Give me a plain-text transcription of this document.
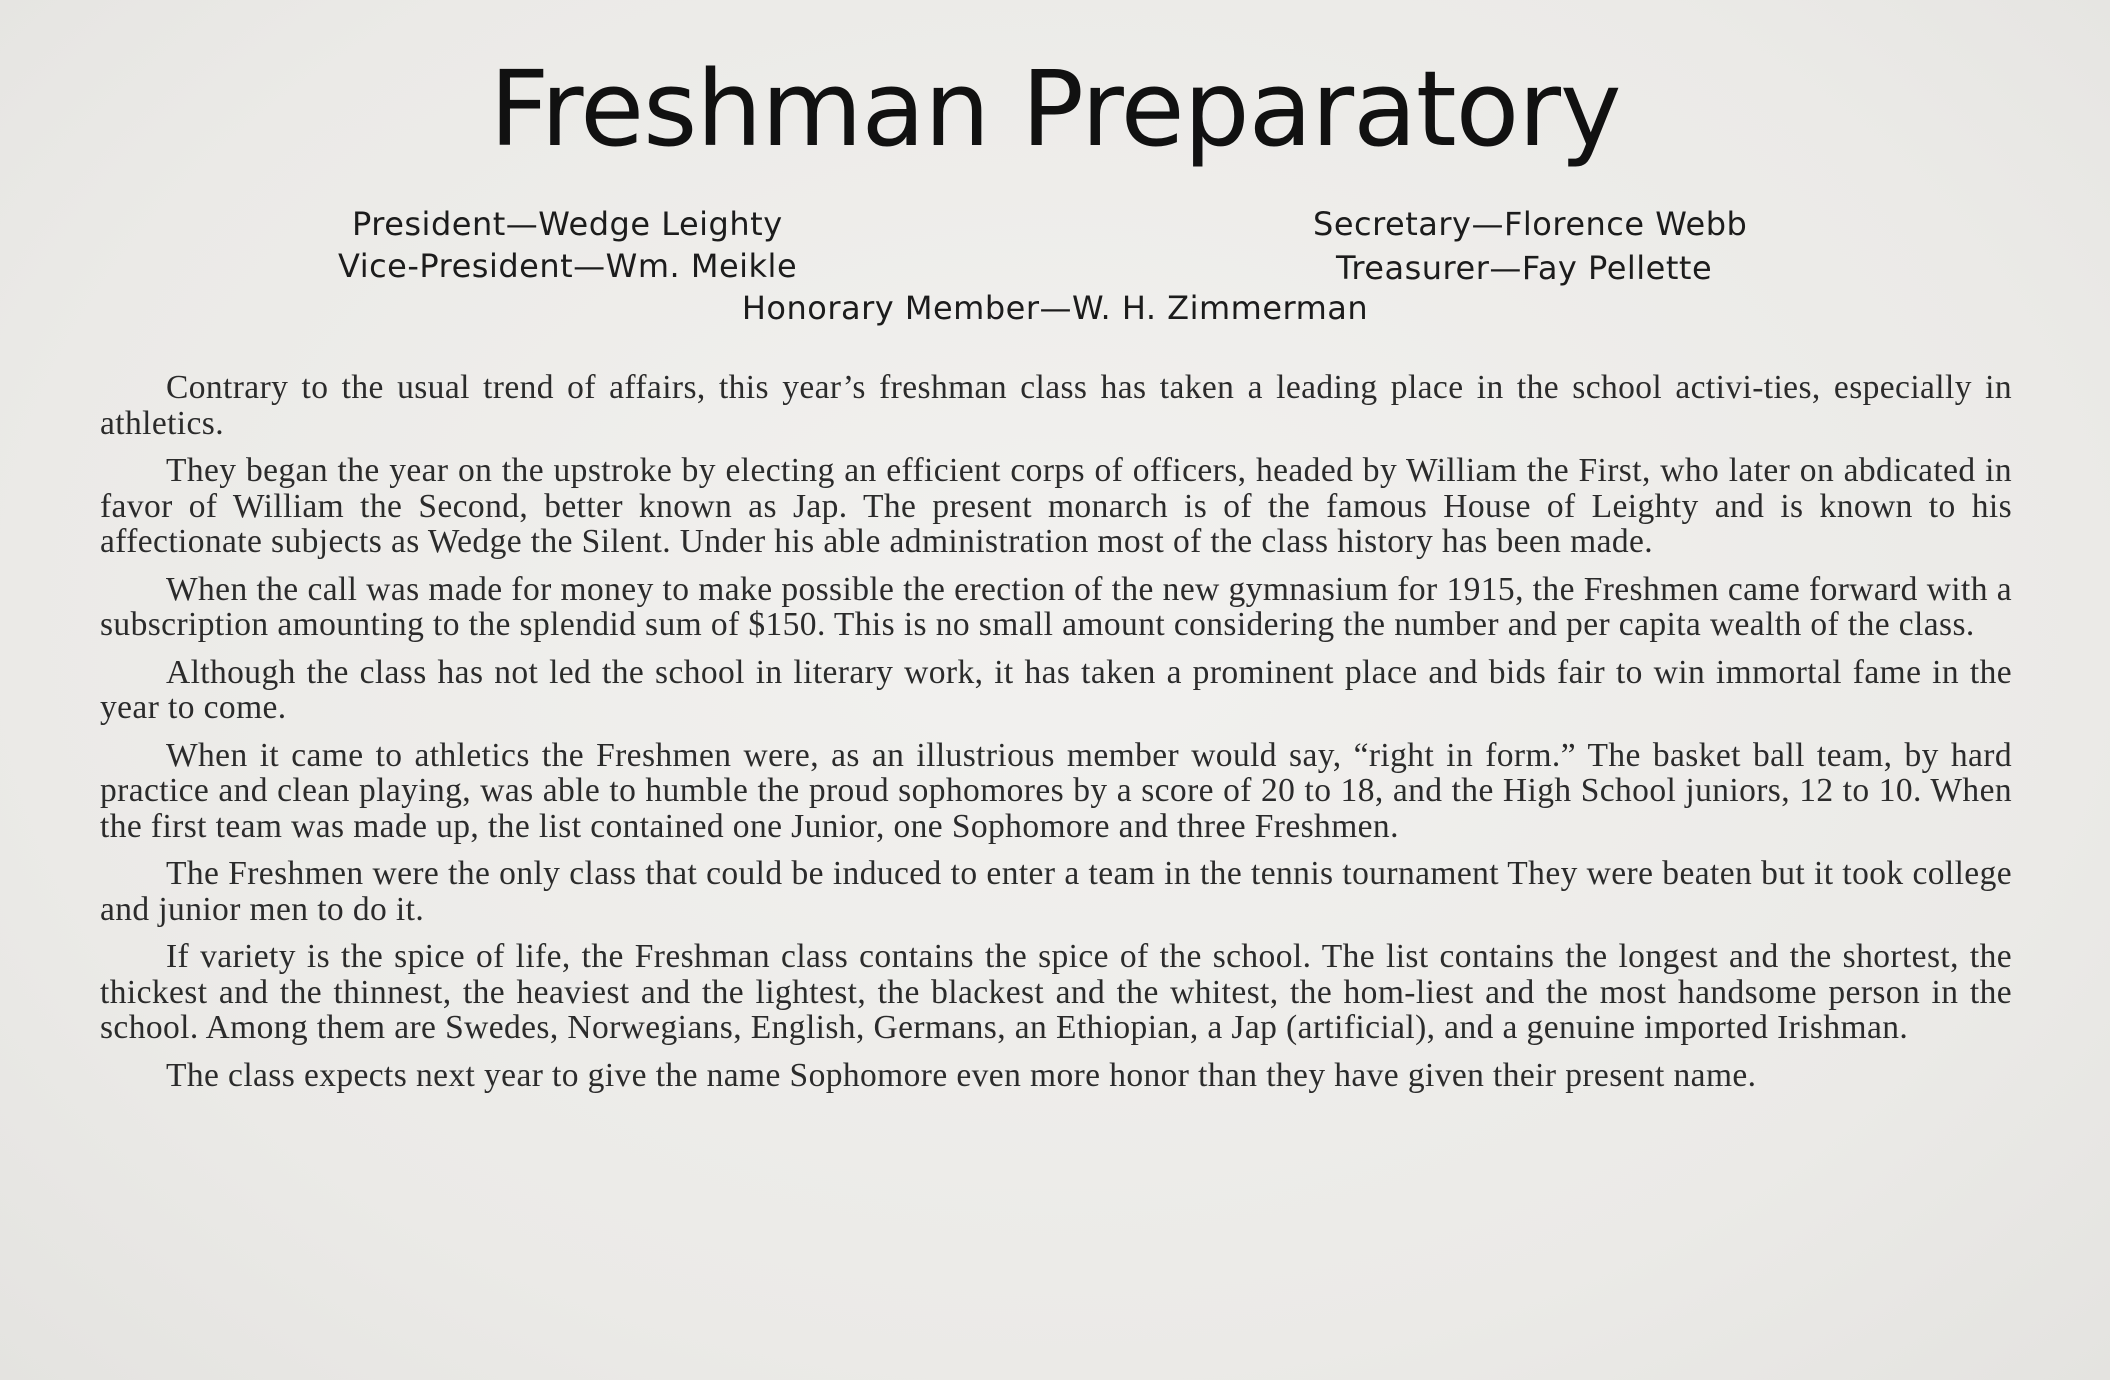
Freshman Preparatory
President—Wedge Leighty
Vice-President—Wm. Meikle
Secretary—Florence Webb
Treasurer—Fay Pellette
Honorary Member—W. H. Zimmerman

Contrary to the usual trend of affairs, this year’s freshman class has taken a leading place in the school activi-ties, especially in athletics.

They began the year on the upstroke by electing an efficient corps of officers, headed by William the First, who later on abdicated in favor of William the Second, better known as Jap. The present monarch is of the famous House of Leighty and is known to his affectionate subjects as Wedge the Silent. Under his able administration most of the class history has been made.

When the call was made for money to make possible the erection of the new gymnasium for 1915, the Freshmen came forward with a subscription amounting to the splendid sum of $150. This is no small amount considering the number and per capita wealth of the class.

Although the class has not led the school in literary work, it has taken a prominent place and bids fair to win immortal fame in the year to come.

When it came to athletics the Freshmen were, as an illustrious member would say, “right in form.” The basket ball team, by hard practice and clean playing, was able to humble the proud sophomores by a score of 20 to 18, and the High School juniors, 12 to 10. When the first team was made up, the list contained one Junior, one Sophomore and three Freshmen.

The Freshmen were the only class that could be induced to enter a team in the tennis tournament They were beaten but it took college and junior men to do it.

If variety is the spice of life, the Freshman class contains the spice of the school. The list contains the longest and the shortest, the thickest and the thinnest, the heaviest and the lightest, the blackest and the whitest, the hom-liest and the most handsome person in the school. Among them are Swedes, Norwegians, English, Germans, an Ethiopian, a Jap (artificial), and a genuine imported Irishman.

The class expects next year to give the name Sophomore even more honor than they have given their present name.
